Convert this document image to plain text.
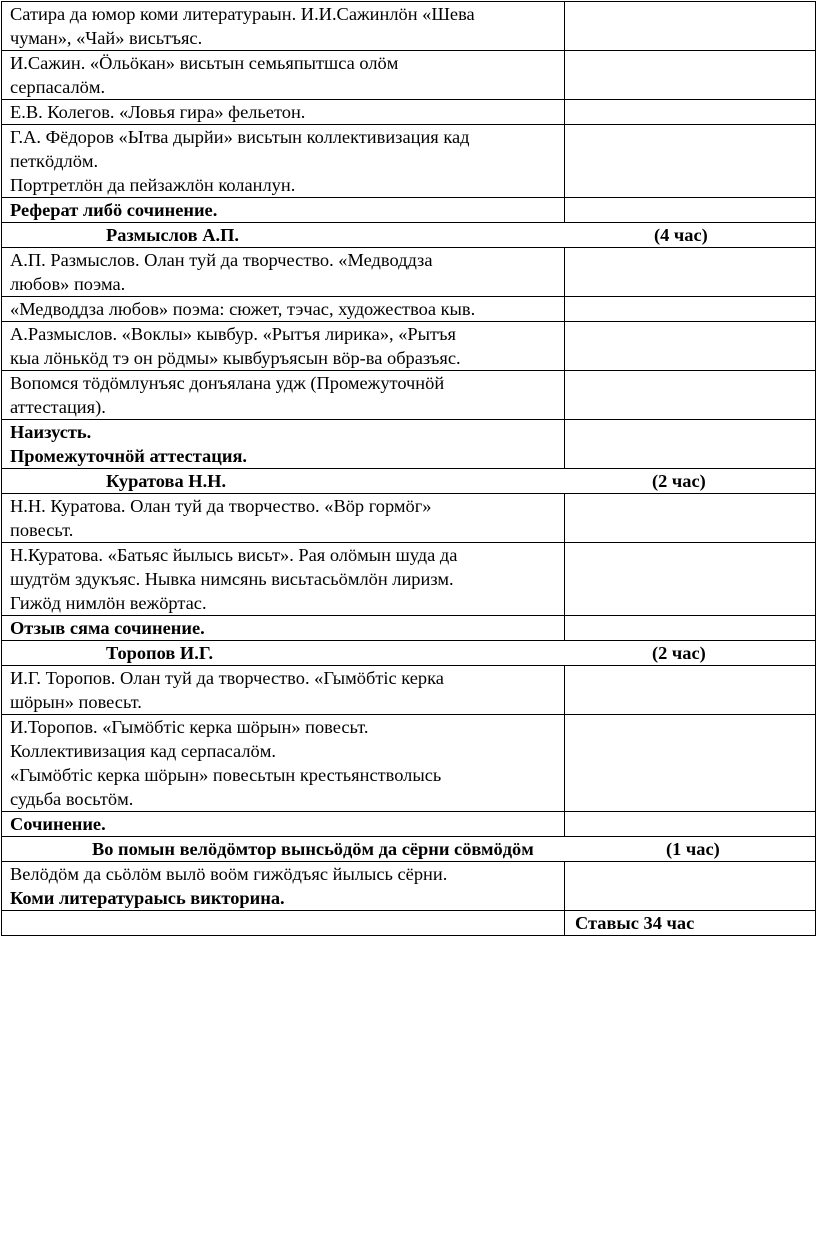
Сатира да юмор коми литератураын. И.И.Сажинлӧн «Шева
чуман», «Чай» висьтъяс.	

И.Сажин. «Ӧльӧкан» висьтын семьяпытшса олӧм
серпасалӧм.	

Е.В. Колегов. «Ловья гира» фельетон.	

Г.А. Фёдоров «Ытва дырйи» висьтын коллективизация кад
петкӧдлӧм.
Портретлӧн да пейзажлӧн коланлун.	

Реферат либӧ сочинение.	

Размыслов А.П. (4 час)	

А.П. Размыслов. Олан туй да творчество. «Медводдза
любов» поэма.	

«Медводдза любов» поэма: сюжет, тэчас, художествоа кыв.	

А.Размыслов. «Воклы» кывбур. «Рытъя лирика», «Рытъя
кыа лӧнькӧд тэ он рӧдмы» кывбуръясын вӧр-ва образъяс.	

Вопомся тӧдӧмлунъяс донъялана удж (Промежуточнӧй
аттестация).	

Наизусть.
Промежуточнӧй аттестация.	

Куратова Н.Н. (2 час)	

Н.Н. Куратова. Олан туй да творчество. «Вӧр гормӧг»
повесьт.	

Н.Куратова. «Батьяс йылысь висьт». Рая олӧмын шуда да
шудтӧм здукъяс. Нывка нимсянь висьтасьӧмлӧн лиризм.
Гижӧд нимлӧн вежӧртас.	

Отзыв сяма сочинение.	

Торопов И.Г. (2 час)	

И.Г. Торопов. Олан туй да творчество. «Гымӧбтіс керка
шӧрын» повесьт.	

И.Торопов. «Гымӧбтіс керка шӧрын» повесьт.
Коллективизация кад серпасалӧм.
«Гымӧбтіс керка шӧрын» повесьтын крестьянстволысь
судьба восьтӧм.	

Сочинение.	

Во помын велӧдӧмтор вынсьӧдӧм да сёрни сӧвмӧдӧм (1 час)	

Велӧдӧм да сьӧлӧм вылӧ воӧм гижӧдъяс йылысь сёрни.
Коми литератураысь викторина.	

	Ставыс 34 час
